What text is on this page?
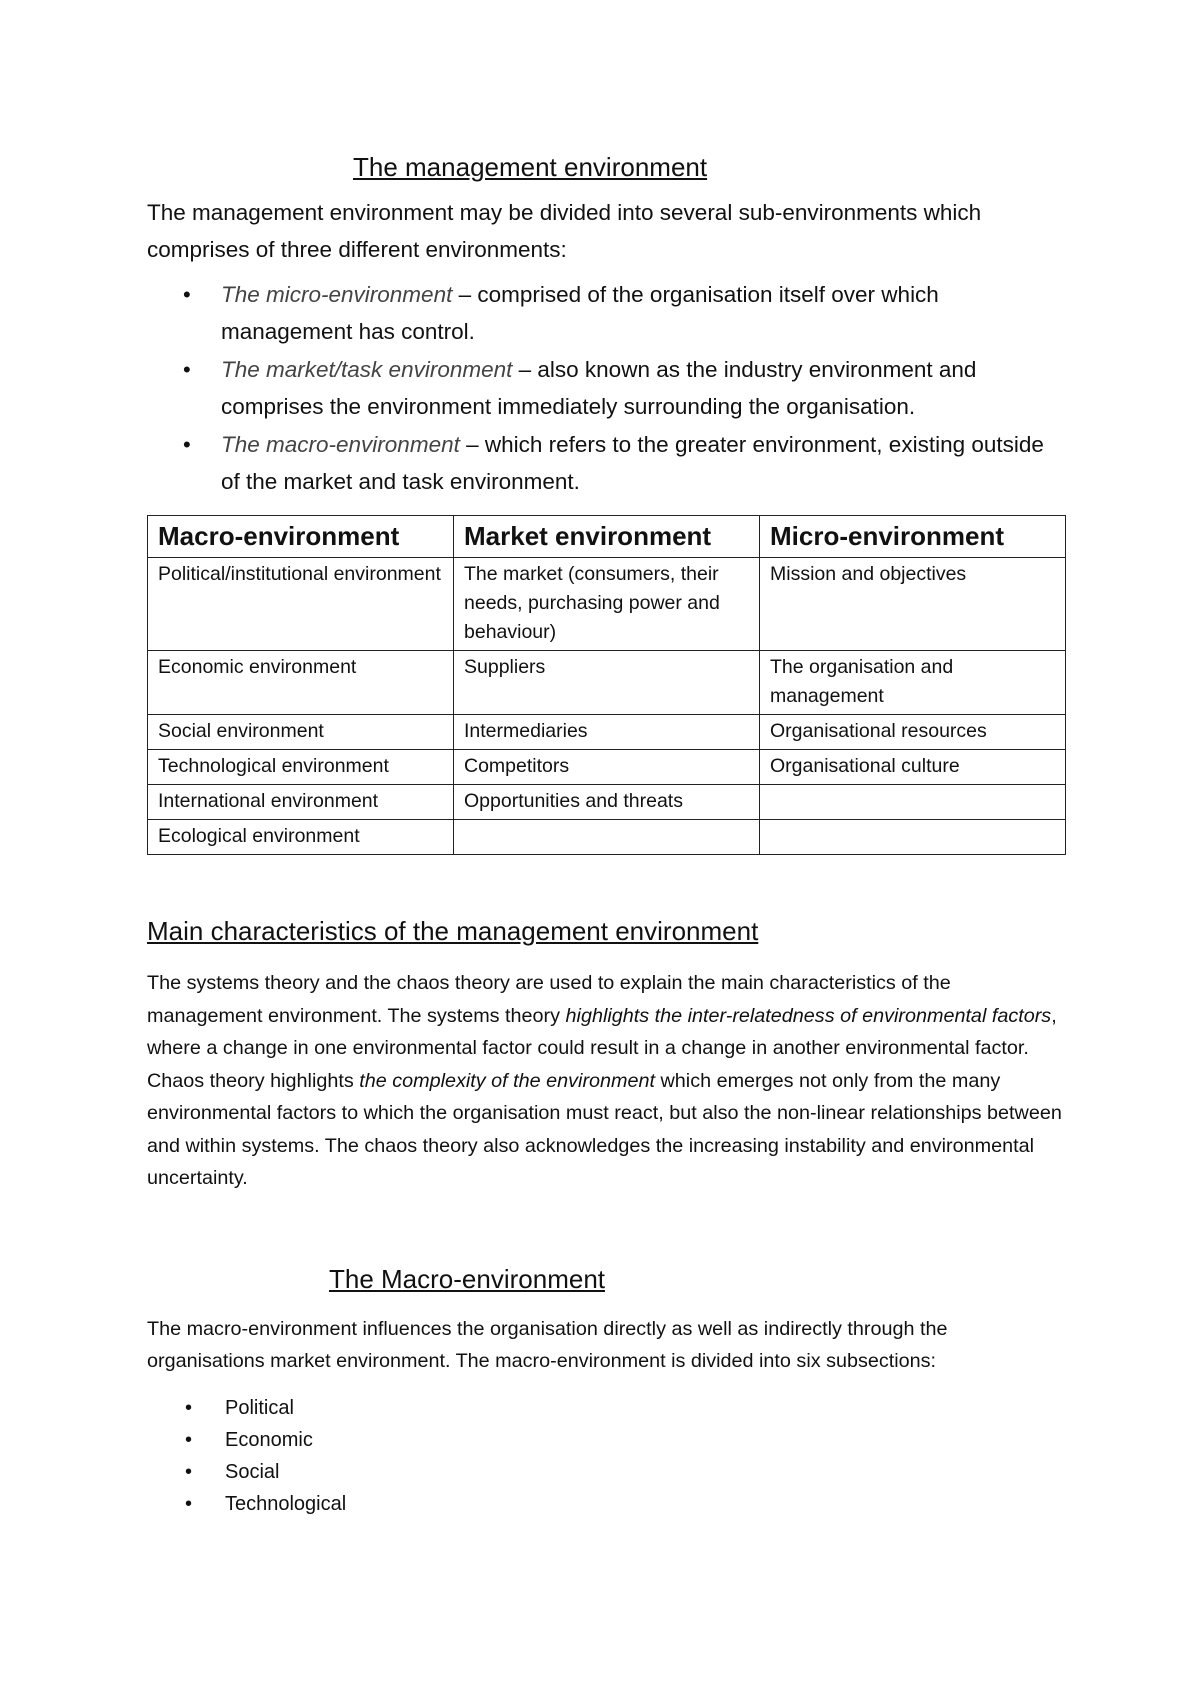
The management environment

The management environment may be divided into several sub-environments which comprises of three different environments:

• The micro-environment – comprised of the organisation itself over which management has control.
• The market/task environment – also known as the industry environment and comprises the environment immediately surrounding the organisation.
• The macro-environment – which refers to the greater environment, existing outside of the market and task environment.
Macro-environment	Market environment	Micro-environment
Political/institutional environment	The market (consumers, their needs, purchasing power and behaviour)	Mission and objectives
Economic environment	Suppliers	The organisation and management
Social environment	Intermediaries	Organisational resources
Technological environment	Competitors	Organisational culture
International environment	Opportunities and threats	
Ecological environment		
Main characteristics of the management environment

The systems theory and the chaos theory are used to explain the main characteristics of the management environment. The systems theory highlights the inter-relatedness of environmental factors, where a change in one environmental factor could result in a change in another environmental factor. Chaos theory highlights the complexity of the environment which emerges not only from the many environmental factors to which the organisation must react, but also the non-linear relationships between and within systems. The chaos theory also acknowledges the increasing instability and environmental uncertainty.

The Macro-environment

The macro-environment influences the organisation directly as well as indirectly through the organisations market environment. The macro-environment is divided into six subsections:

• Political
• Economic
• Social
• Technological
